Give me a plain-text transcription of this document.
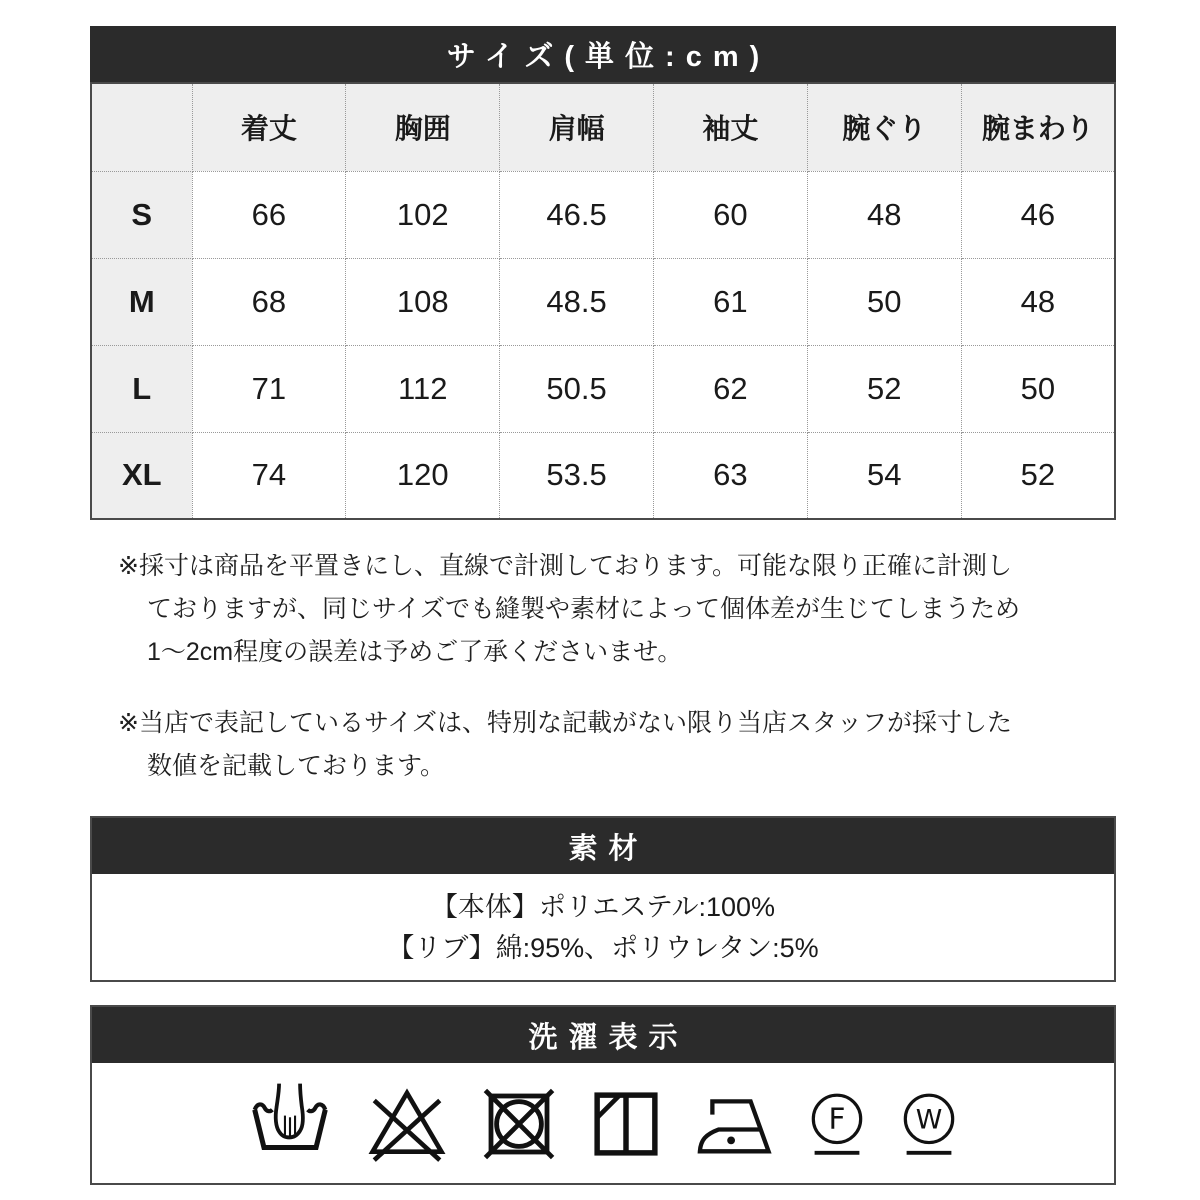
サイズ(単位:cm)
	着丈	胸囲	肩幅	袖丈	腕ぐり	腕まわり
S	66	102	46.5	60	48	46
M	68	108	48.5	61	50	48
L	71	112	50.5	62	52	50
XL	74	120	53.5	63	54	52
※採寸は商品を平置きにし、直線で計測しております。可能な限り正確に計測し
ておりますが、同じサイズでも縫製や素材によって個体差が生じてしまうため
1〜2cm程度の誤差は予めご了承くださいませ。
※当店で表記しているサイズは、特別な記載がない限り当店スタッフが採寸した
数値を記載しております。
素材
【本体】ポリエステル:100%
【リブ】綿:95%、ポリウレタン:5%
洗濯表示
F W
